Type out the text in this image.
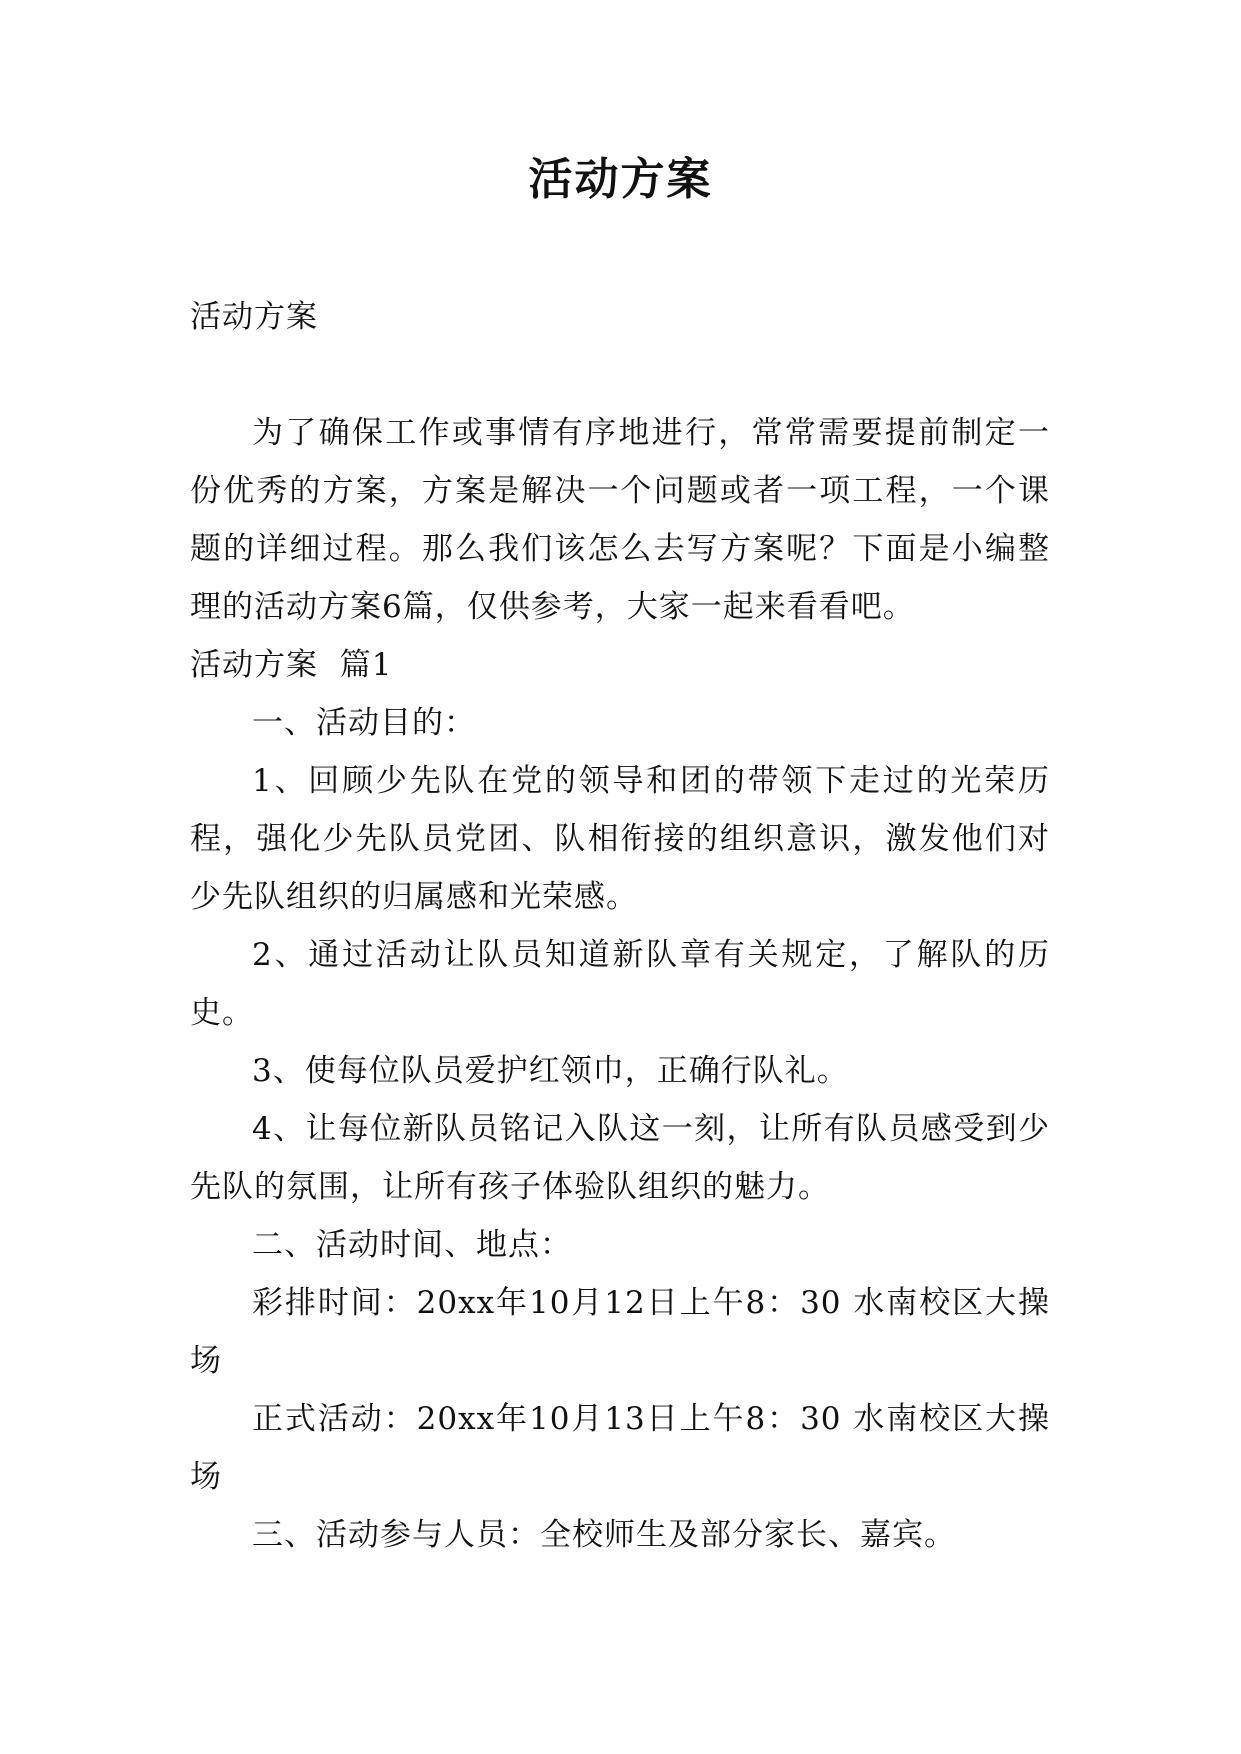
活动方案

活动方案

为了确保工作或事情有序地进行，常常需要提前制定一份优秀的方案，方案是解决一个问题或者一项工程，一个课题的详细过程。那么我们该怎么去写方案呢？下面是小编整理的活动方案6篇，仅供参考，大家一起来看看吧。

活动方案  篇1

一、活动目的：

1、回顾少先队在党的领导和团的带领下走过的光荣历程，强化少先队员党团、队相衔接的组织意识，激发他们对少先队组织的归属感和光荣感。

2、通过活动让队员知道新队章有关规定，了解队的历史。

3、使每位队员爱护红领巾，正确行队礼。

4、让每位新队员铭记入队这一刻，让所有队员感受到少先队的氛围，让所有孩子体验队组织的魅力。

二、活动时间、地点：

彩排时间：20xx年10月12日上午8：30 水南校区大操场

正式活动：20xx年10月13日上午8：30 水南校区大操场

三、活动参与人员：全校师生及部分家长、嘉宾。
